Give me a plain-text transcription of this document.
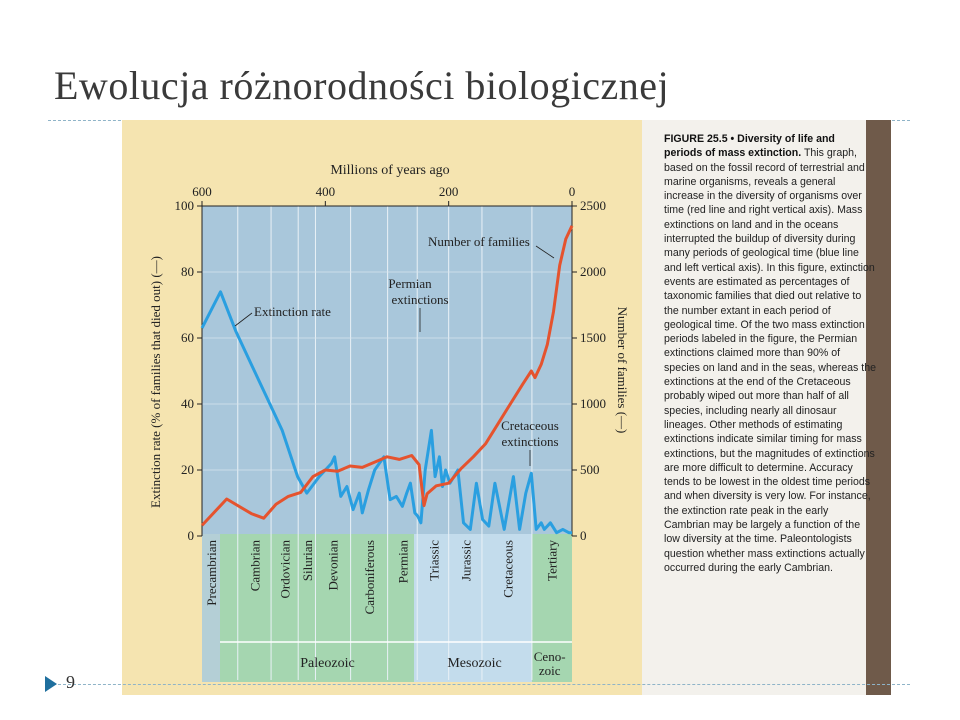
Ewolucja różnorodności biologicznej
Precambrian Cambrian Ordovician Silurian Devonian Carboniferous Permian Triassic Jurassic Cretaceous Tertiary
Paleozoic	Mesozoic Ceno-
zoic
600	400	200	0
0
20
40
60
80
100
0
500
1000
1500
2000
2500
Millions of years ago
Extinction rate (% of families that died out) (—)	Number of families (—)
Extinction rate
Permian
extinctions
Number of families
Cretaceous
extinctions
FIGURE 25.5 • Diversity of life and periods of mass extinction. This graph, based on the fossil record of terrestrial and marine organisms, reveals a general increase in the diversity of organisms over time (red line and right vertical axis). Mass extinctions on land and in the oceans interrupted the buildup of diversity during many periods of geological time (blue line and left vertical axis). In this figure, extinction events are estimated as percentages of taxonomic families that died out relative to the number extant in each period of geological time. Of the two mass extinction periods labeled in the figure, the Permian extinctions claimed more than 90% of species on land and in the seas, whereas the extinctions at the end of the Cretaceous probably wiped out more than half of all species, including nearly all dinosaur lineages. Other methods of estimating extinctions indicate similar timing for mass extinctions, but the magnitudes of extinctions are more difficult to determine. Accuracy tends to be lowest in the oldest time periods and when diversity is very low. For instance, the extinction rate peak in the early Cambrian may be largely a function of the low diversity at the time. Paleontologists question whether mass extinctions actually occurred during the early Cambrian.
9
